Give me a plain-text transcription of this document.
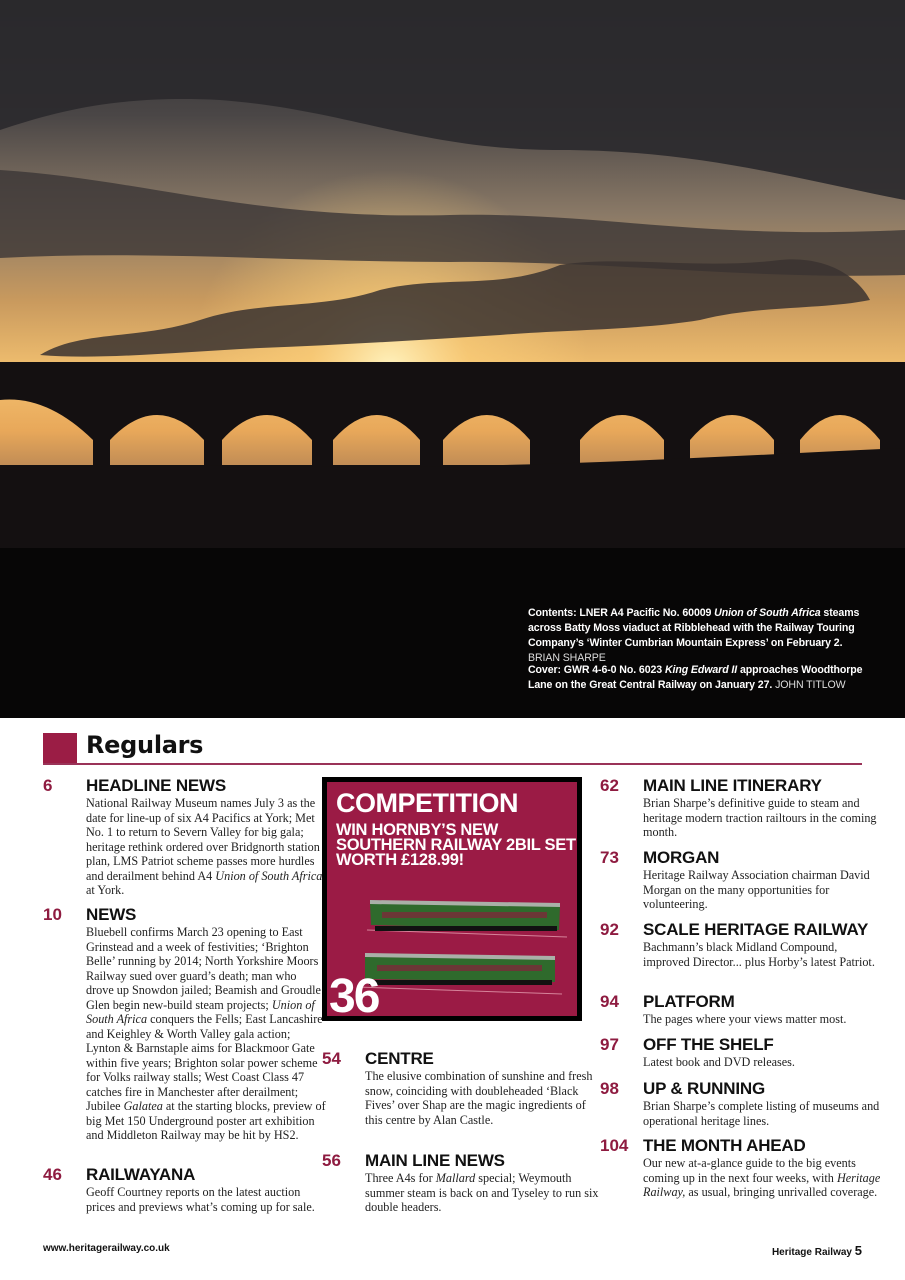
Contents: LNER A4 Pacific No. 60009 Union of South Africa steams across Batty Moss viaduct at Ribblehead with the Railway Touring Company’s ‘Winter Cumbrian Mountain Express’ on February 2. BRIAN SHARPE
Cover: GWR 4-6-0 No. 6023 King Edward II approaches Woodthorpe Lane on the Great Central Railway on January 27. JOHN TITLOW
Regulars
COMPETITION
WIN HORNBY’S NEW SOUTHERN RAILWAY 2BIL SET WORTH £128.99!
36
6 HEADLINE NEWS
National Railway Museum names July 3 as the date for line-up of six A4 Pacifics at York; Met No. 1 to return to Severn Valley for big gala; heritage rethink ordered over Bridgnorth station plan, LMS Patriot scheme passes more hurdles and derailment behind A4 Union of South Africa at York.
10 NEWS
Bluebell confirms March 23 opening to East Grinstead and a week of festivities; ‘Brighton Belle’ running by 2014; North Yorkshire Moors Railway sued over guard’s death; man who drove up Snowdon jailed; Beamish and Groudle Glen begin new-build steam projects; Union of South Africa conquers the Fells; East Lancashire and Keighley & Worth Valley gala action; Lynton & Barnstaple aims for Blackmoor Gate within five years; Brighton solar power scheme for Volks railway stalls; West Coast Class 47 catches fire in Manchester after derailment; Jubilee Galatea at the starting blocks, preview of big Met 150 Underground poster art exhibition and Middleton Railway may be hit by HS2.
46 RAILWAYANA
Geoff Courtney reports on the latest auction prices and previews what’s coming up for sale.
54 CENTRE
The elusive combination of sunshine and fresh snow, coinciding with doubleheaded ‘Black Fives’ over Shap are the magic ingredients of this centre by Alan Castle.
56 MAIN LINE NEWS
Three A4s for Mallard special; Weymouth summer steam is back on and Tyseley to run six double headers.
62 MAIN LINE ITINERARY
Brian Sharpe’s definitive guide to steam and heritage modern traction railtours in the coming month.
73 MORGAN
Heritage Railway Association chairman David Morgan on the many opportunities for volunteering.
92 SCALE HERITAGE RAILWAY
Bachmann’s black Midland Compound, improved Director... plus Horby’s latest Patriot.
94 PLATFORM
The pages where your views matter most.
97 OFF THE SHELF
Latest book and DVD releases.
98 UP & RUNNING
Brian Sharpe’s complete listing of museums and operational heritage lines.
104 THE MONTH AHEAD
Our new at-a-glance guide to the big events coming up in the next four weeks, with Heritage Railway, as usual, bringing unrivalled coverage.
www.heritagerailway.co.uk	Heritage Railway 5
